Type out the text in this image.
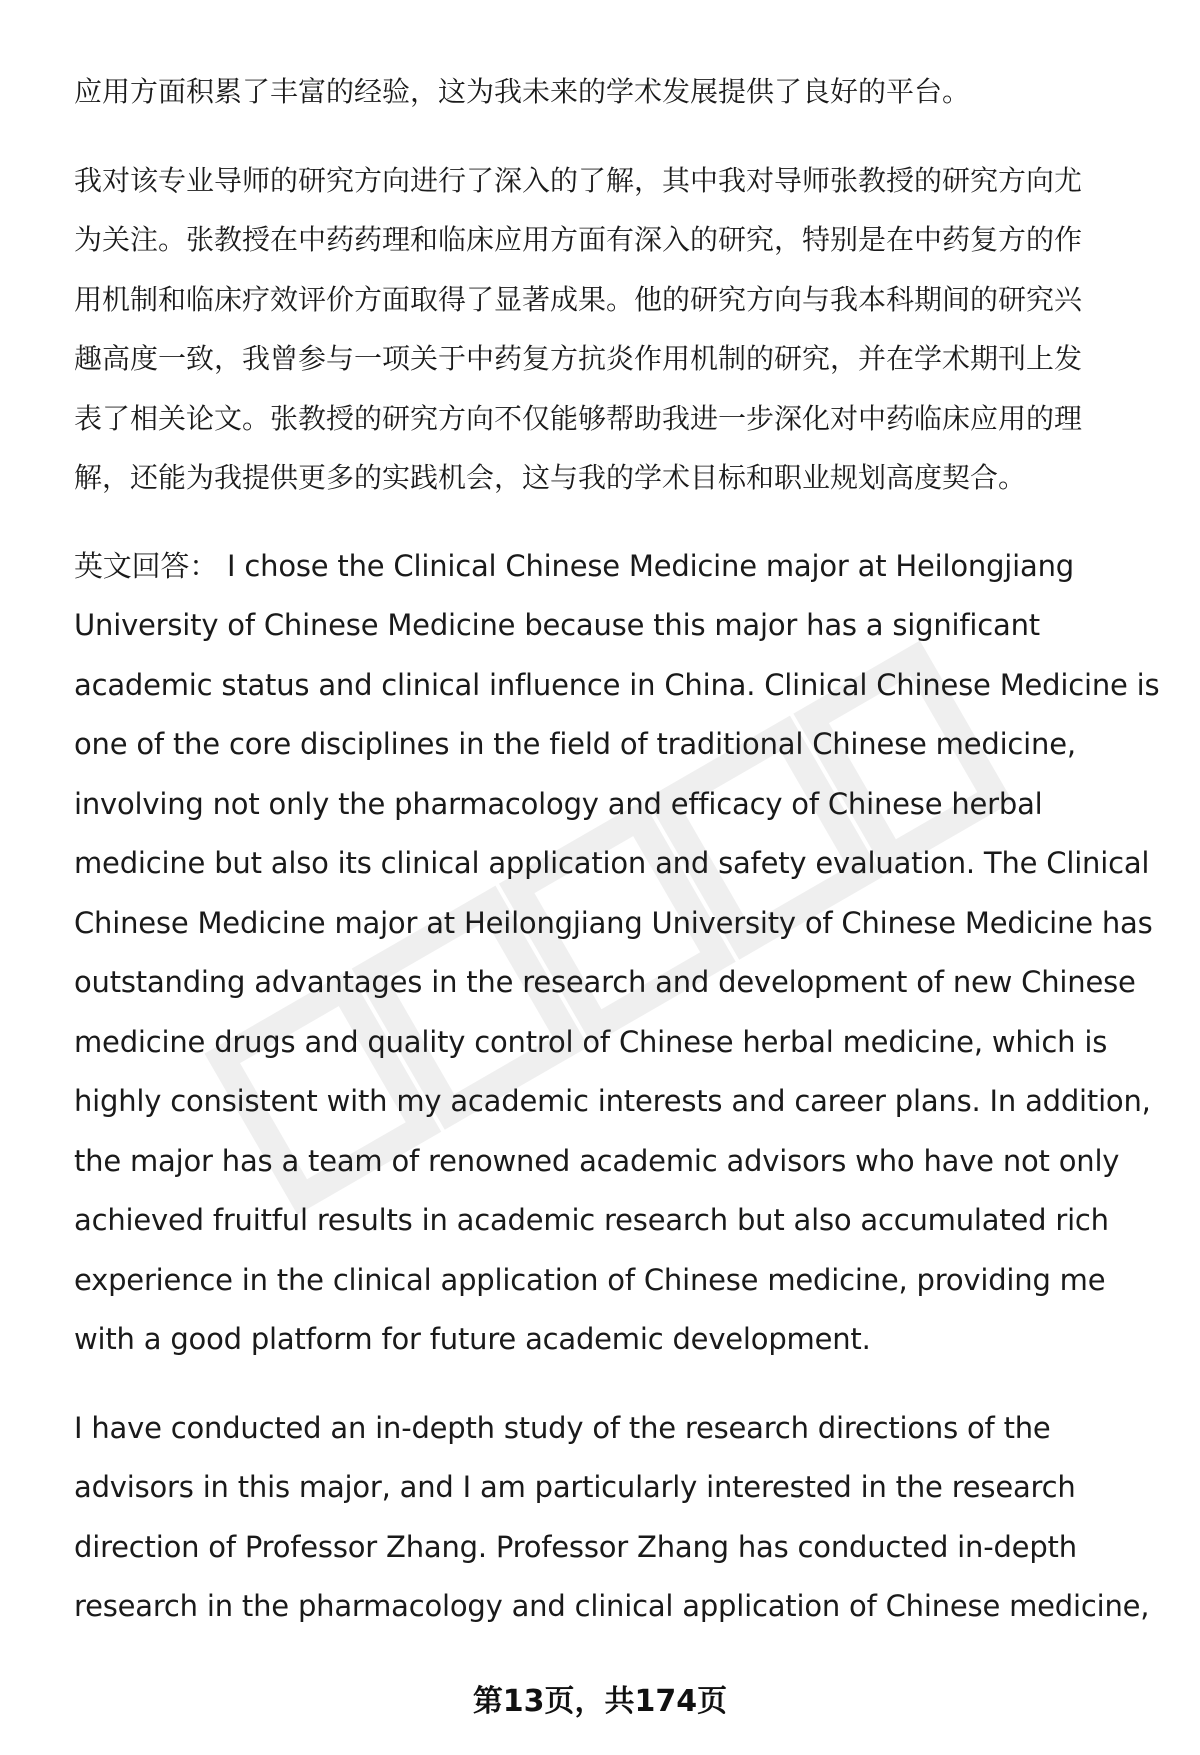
应用方面积累了丰富的经验，这为我未来的学术发展提供了良好的平台。

我对该专业导师的研究方向进行了深入的了解，其中我对导师张教授的研究方向尤
为关注。张教授在中药药理和临床应用方面有深入的研究，特别是在中药复方的作
用机制和临床疗效评价方面取得了显著成果。他的研究方向与我本科期间的研究兴
趣高度一致，我曾参与一项关于中药复方抗炎作用机制的研究，并在学术期刊上发
表了相关论文。张教授的研究方向不仅能够帮助我进一步深化对中药临床应用的理
解，还能为我提供更多的实践机会，这与我的学术目标和职业规划高度契合。

英文回答： I chose the Clinical Chinese Medicine major at Heilongjiang
University of Chinese Medicine because this major has a significant
academic status and clinical influence in China. Clinical Chinese Medicine is
one of the core disciplines in the field of traditional Chinese medicine,
involving not only the pharmacology and efficacy of Chinese herbal
medicine but also its clinical application and safety evaluation. The Clinical
Chinese Medicine major at Heilongjiang University of Chinese Medicine has
outstanding advantages in the research and development of new Chinese
medicine drugs and quality control of Chinese herbal medicine, which is
highly consistent with my academic interests and career plans. In addition,
the major has a team of renowned academic advisors who have not only
achieved fruitful results in academic research but also accumulated rich
experience in the clinical application of Chinese medicine, providing me
with a good platform for future academic development.

I have conducted an in-depth study of the research directions of the
advisors in this major, and I am particularly interested in the research
direction of Professor Zhang. Professor Zhang has conducted in-depth
research in the pharmacology and clinical application of Chinese medicine,

第13页，共174页
